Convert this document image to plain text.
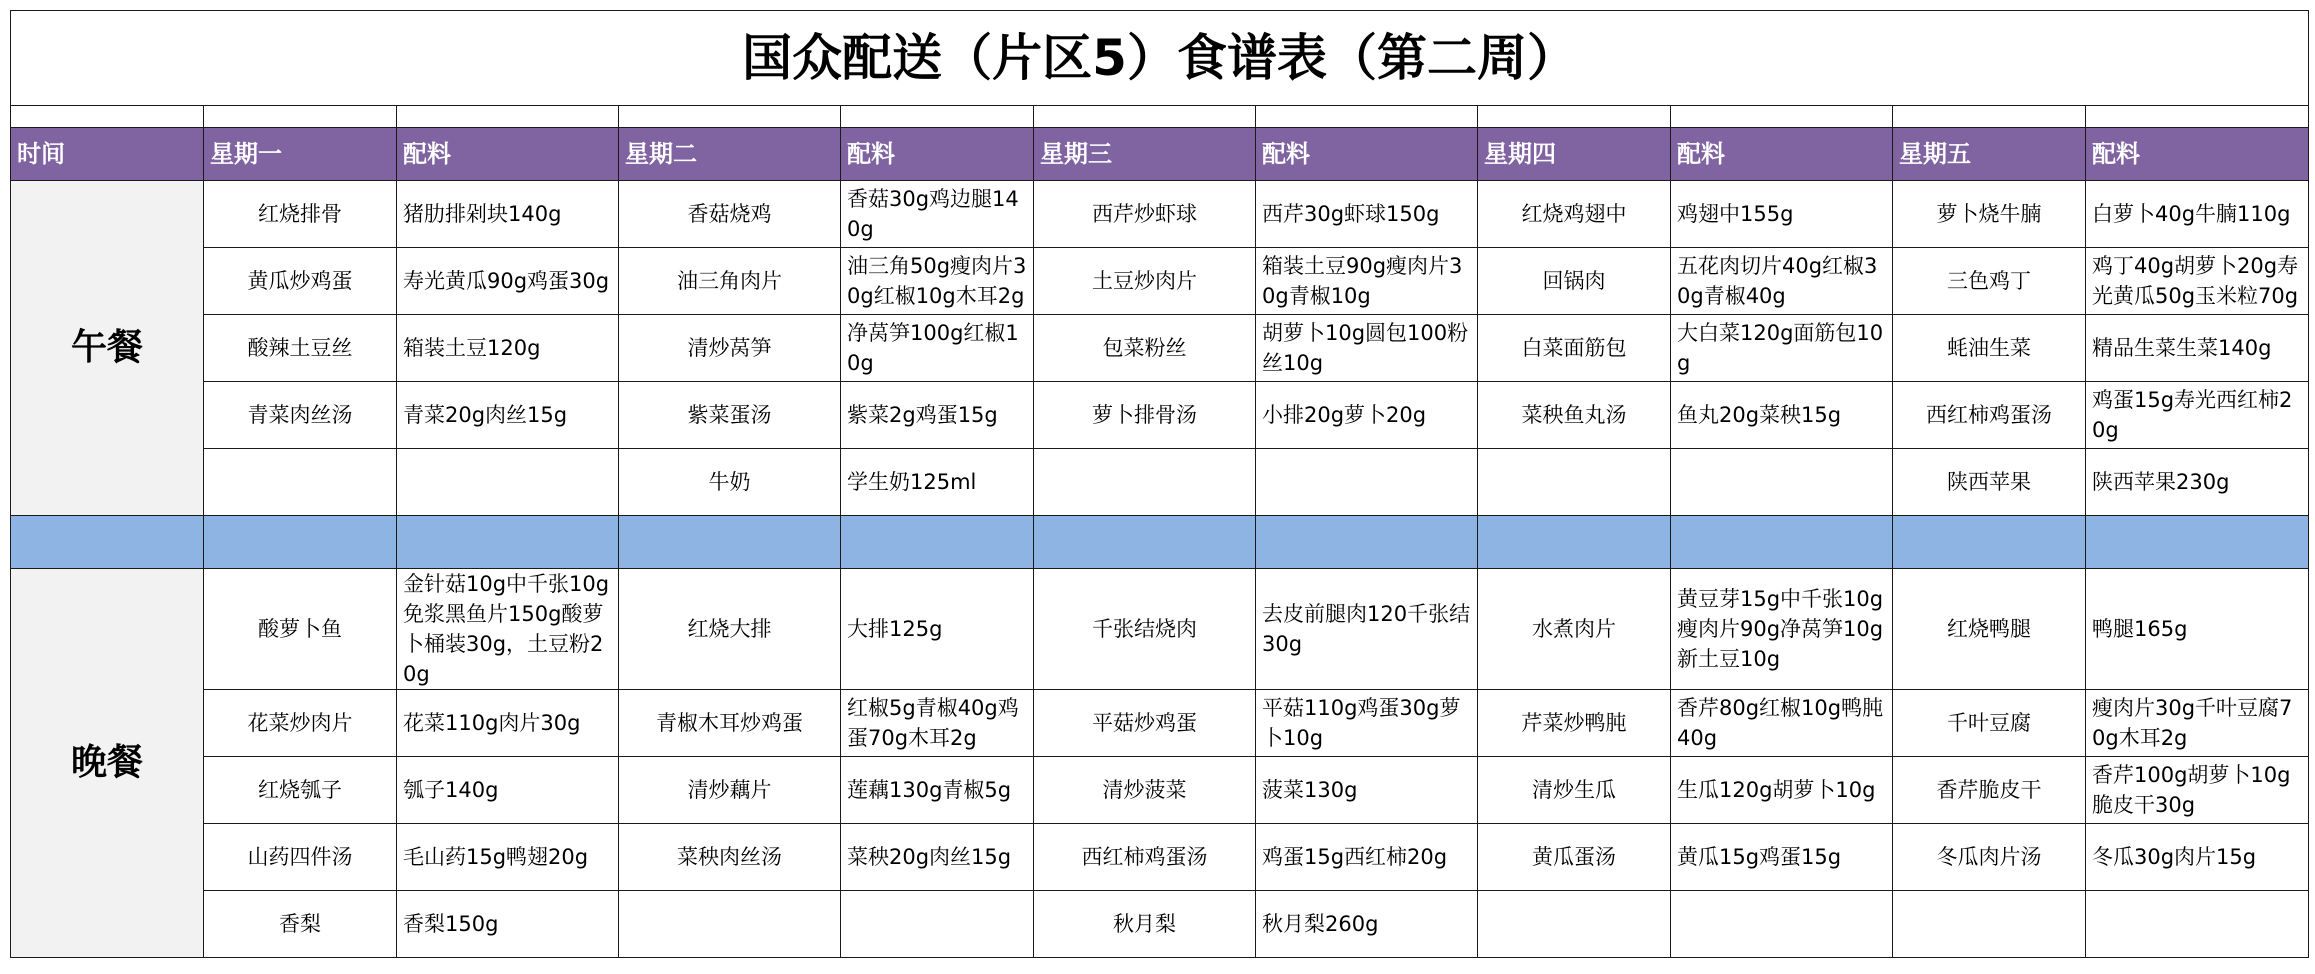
国众配送（片区5）食谱表（第二周）										

时间	星期一	配料	星期二	配料	星期三	配料	星期四	配料	星期五	配料
午餐	红烧排骨	猪肋排剁块140g	香菇烧鸡	香菇30g鸡边腿140g	西芹炒虾球	西芹30g虾球150g	红烧鸡翅中	鸡翅中155g	萝卜烧牛腩	白萝卜40g牛腩110g
	黄瓜炒鸡蛋	寿光黄瓜90g鸡蛋30g	油三角肉片	油三角50g瘦肉片30g红椒10g木耳2g	土豆炒肉片	箱装土豆90g瘦肉片30g青椒10g	回锅肉	五花肉切片40g红椒30g青椒40g	三色鸡丁	鸡丁40g胡萝卜20g寿光黄瓜50g玉米粒70g
	酸辣土豆丝	箱装土豆120g	清炒莴笋	净莴笋100g红椒10g	包菜粉丝	胡萝卜10g圆包100粉丝10g	白菜面筋包	大白菜120g面筋包10g	蚝油生菜	精品生菜生菜140g
	青菜肉丝汤	青菜20g肉丝15g	紫菜蛋汤	紫菜2g鸡蛋15g	萝卜排骨汤	小排20g萝卜20g	菜秧鱼丸汤	鱼丸20g菜秧15g	西红柿鸡蛋汤	鸡蛋15g寿光西红柿20g
			牛奶	学生奶125ml					陕西苹果	陕西苹果230g

晚餐	酸萝卜鱼	金针菇10g中千张10g免浆黑鱼片150g酸萝卜桶装30g，土豆粉20g	红烧大排	大排125g	千张结烧肉	去皮前腿肉120千张结30g	水煮肉片	黄豆芽15g中千张10g瘦肉片90g净莴笋10g新土豆10g	红烧鸭腿	鸭腿165g
	花菜炒肉片	花菜110g肉片30g	青椒木耳炒鸡蛋	红椒5g青椒40g鸡蛋70g木耳2g	平菇炒鸡蛋	平菇110g鸡蛋30g萝卜10g	芹菜炒鸭肫	香芹80g红椒10g鸭肫40g	千叶豆腐	瘦肉片30g千叶豆腐70g木耳2g
	红烧瓠子	瓠子140g	清炒藕片	莲藕130g青椒5g	清炒菠菜	菠菜130g	清炒生瓜	生瓜120g胡萝卜10g	香芹脆皮干	香芹100g胡萝卜10g脆皮干30g
	山药四件汤	毛山药15g鸭翅20g	菜秧肉丝汤	菜秧20g肉丝15g	西红柿鸡蛋汤	鸡蛋15g西红柿20g	黄瓜蛋汤	黄瓜15g鸡蛋15g	冬瓜肉片汤	冬瓜30g肉片15g
	香梨	香梨150g			秋月梨	秋月梨260g				
